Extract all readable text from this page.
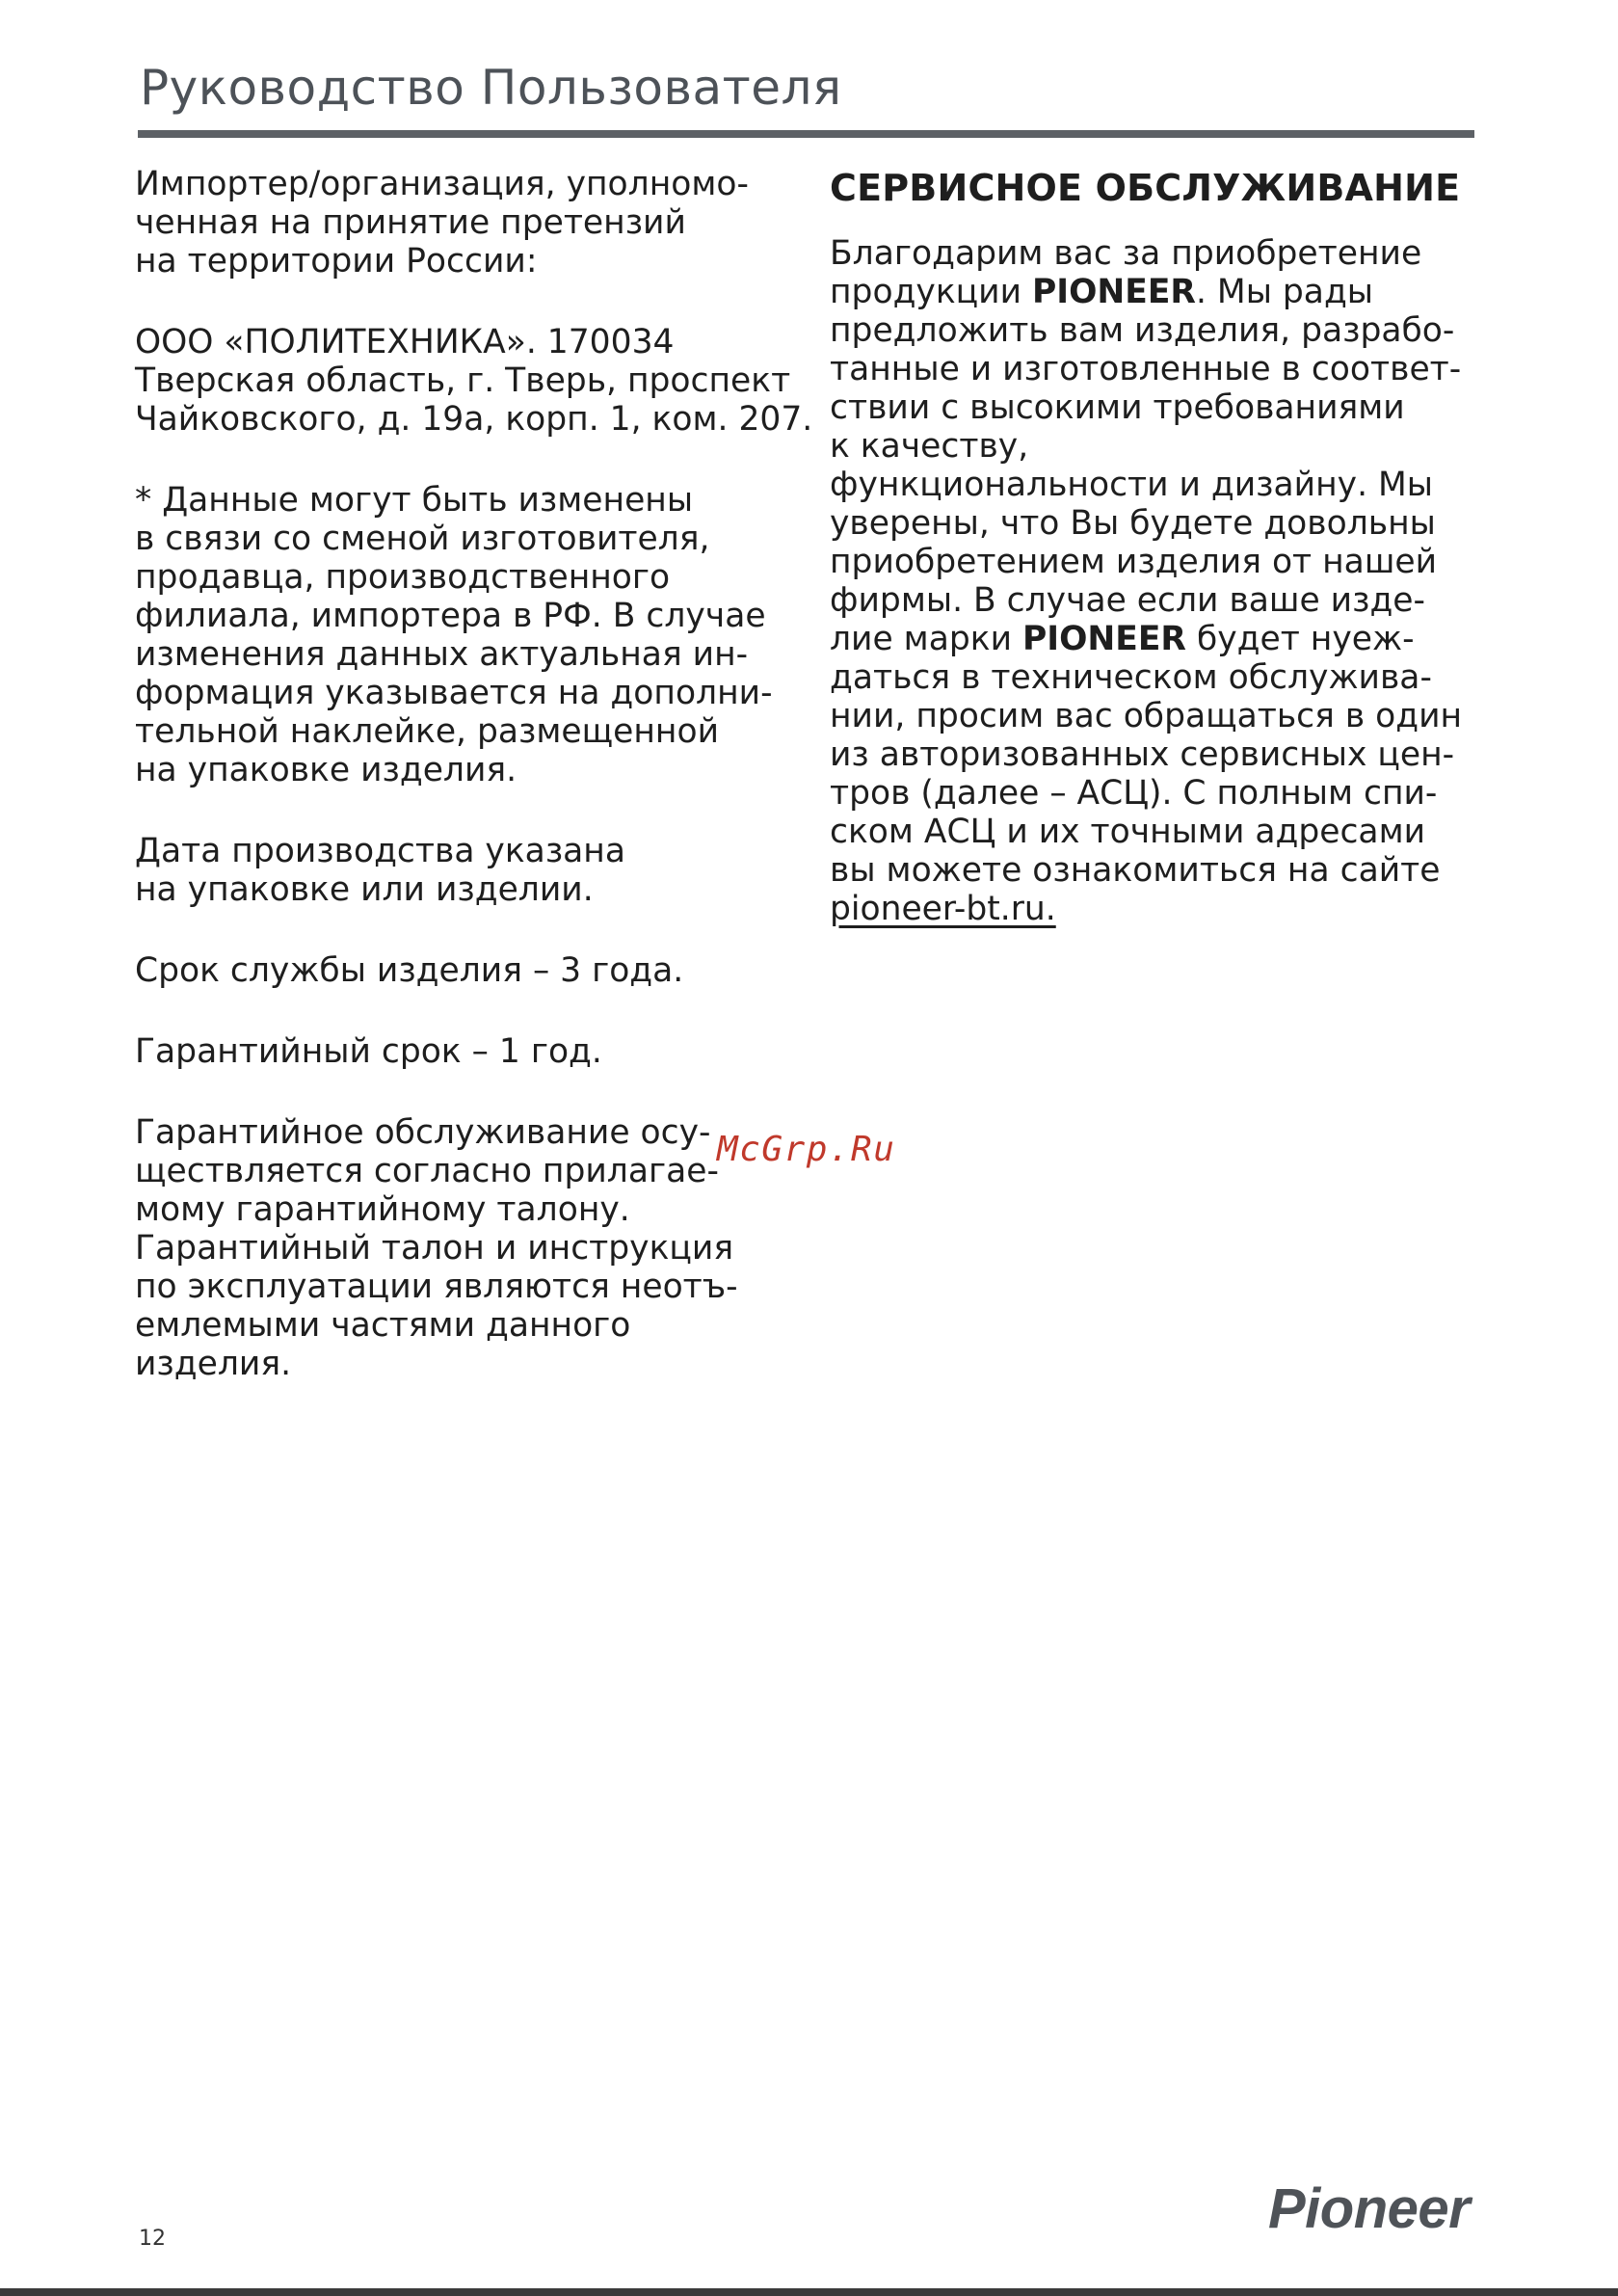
Руководство Пользователя
Импортер/организация, уполномо-
ченная на принятие претензий
на территории России:
ООО «ПОЛИТЕХНИКА». 170034
Тверская область, г. Тверь, проспект
Чайковского, д. 19а, корп. 1, ком. 207.
* Данные могут быть изменены
в связи со сменой изготовителя,
продавца, производственного
филиала, импортера в РФ. В случае
изменения данных актуальная ин-
формация указывается на дополни-
тельной наклейке, размещенной
на упаковке изделия.
Дата производства указана
на упаковке или изделии.
Срок службы изделия – 3 года.
Гарантийный срок – 1 год.
Гарантийное обслуживание осу-
ществляется согласно прилагае-
мому гарантийному талону.
Гарантийный талон и инструкция
по эксплуатации являются неотъ-
емлемыми частями данного
изделия.
СЕРВИСНОЕ ОБСЛУЖИВАНИЕ
Благодарим вас за приобретение
продукции PIONEER. Мы рады
предложить вам изделия, разрабо-
танные и изготовленные в соответ-
ствии с высокими требованиями
к качеству,
функциональности и дизайну. Мы
уверены, что Вы будете довольны
приобретением изделия от нашей
фирмы. В случае если ваше изде-
лие марки PIONEER будет нуеж-
даться в техническом обслужива-
нии, просим вас обращаться в один
из авторизованных сервисных цен-
тров (далее – АСЦ). С полным спи-
ском АСЦ и их точными адресами
вы можете ознакомиться на сайте
pioneer-bt.ru.
McGrp.Ru
12	Pioneer
